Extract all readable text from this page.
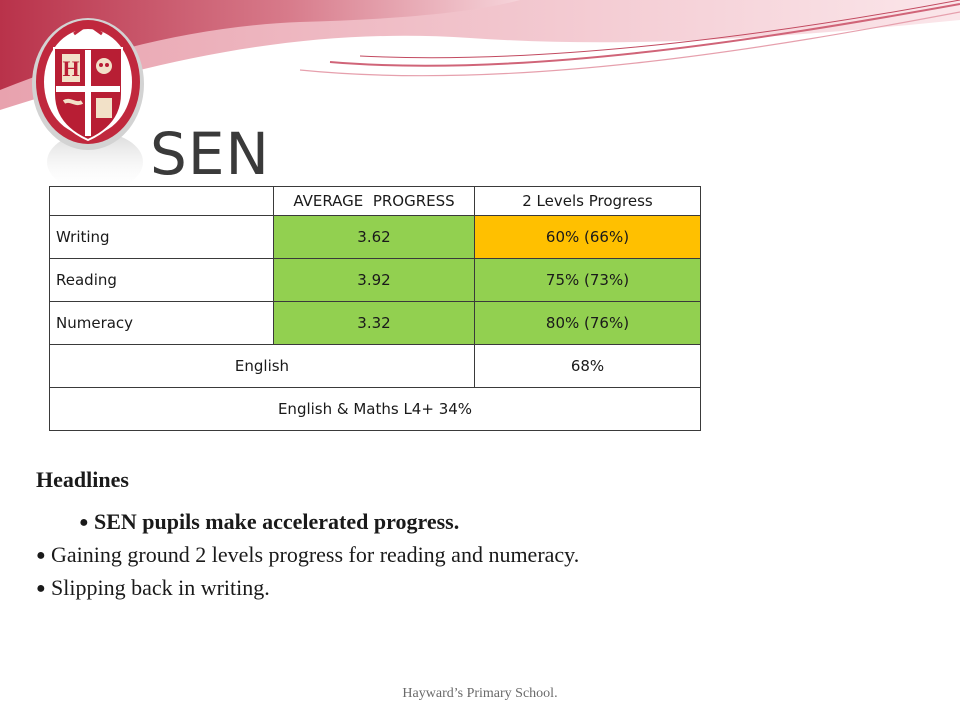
H
SEN
	AVERAGE  PROGRESS	2 Levels Progress
Writing	3.62	60% (66%)
Reading	3.92	75% (73%)
Numeracy	3.32	80% (76%)
English		68%
English & Maths L4+ 34%		

Headlines

● SEN pupils make accelerated progress.

● Gaining ground 2 levels progress for reading and numeracy.

● Slipping back in writing.

Hayward’s Primary School.
